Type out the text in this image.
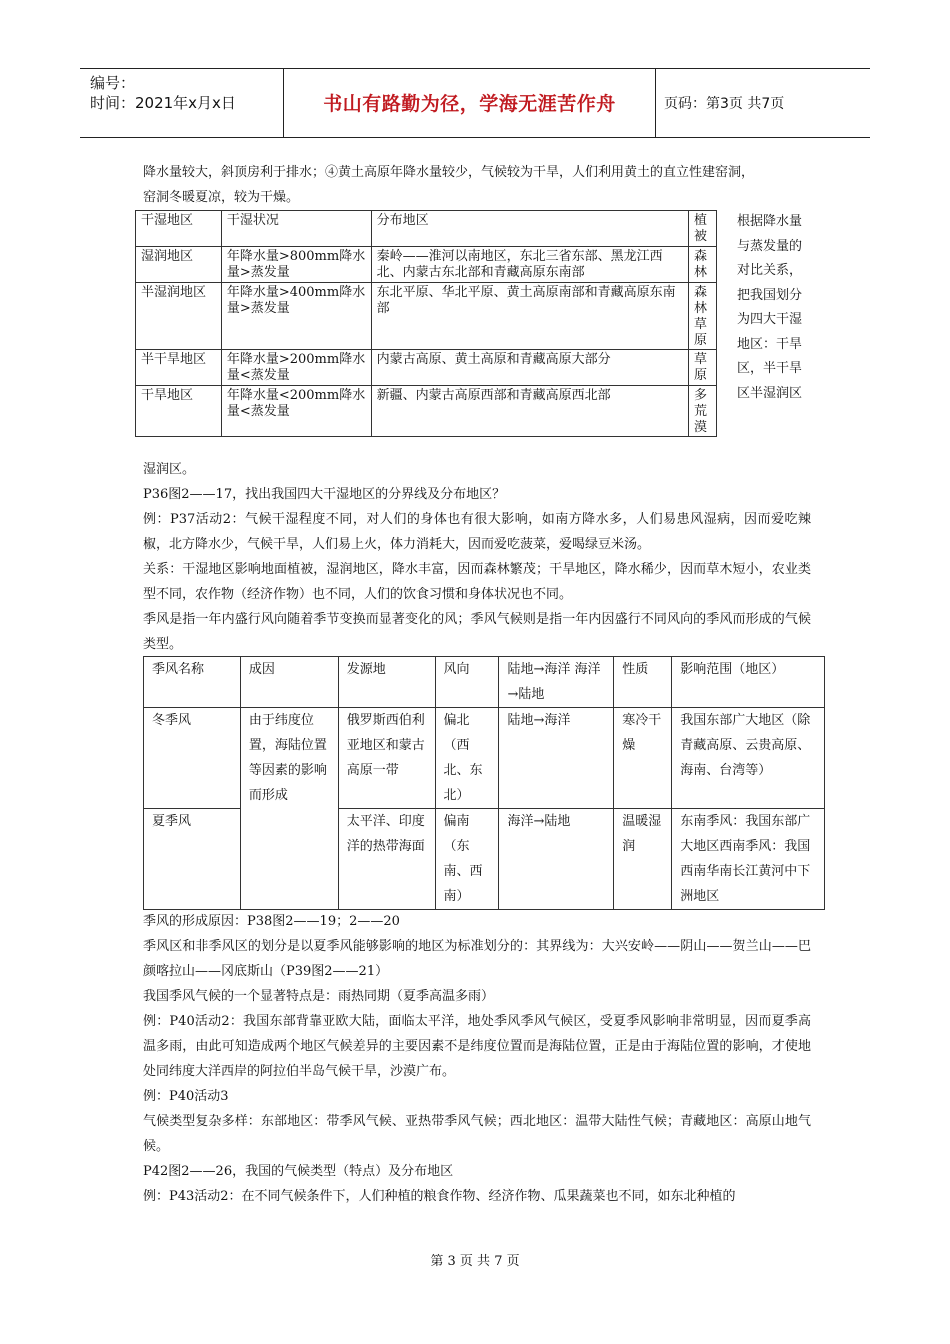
编号：
时间：2021年x月x日	书山有路勤为径，学海无涯苦作舟	页码：第3页 共7页
降水量较大，斜顶房利于排水；④黄土高原年降水量较少，气候较为干旱，人们利用黄土的直立性建窑洞，
窑洞冬暖夏凉，较为干燥。
干湿地区	干湿状况	分布地区	植被
湿润地区	年降水量>800mm降水量>蒸发量	秦岭——淮河以南地区，东北三省东部、黑龙江西北、内蒙古东北部和青藏高原东南部	森林
半湿润地区	年降水量>400mm降水量>蒸发量	东北平原、华北平原、黄土高原南部和青藏高原东南部	森林草原
半干旱地区	年降水量>200mm降水量<蒸发量	内蒙古高原、黄土高原和青藏高原大部分	草原
干旱地区	年降水量<200mm降水量<蒸发量	新疆、内蒙古高原西部和青藏高原西北部	多荒漠
根据降水量与蒸发量的对比关系，把我国划分为四大干湿地区：干旱区，半干旱区半湿润区
湿润区。
P36图2——17，找出我国四大干湿地区的分界线及分布地区？
例：P37活动2：气候干湿程度不同，对人们的身体也有很大影响，如南方降水多，人们易患风湿病，因而爱吃辣椒，北方降水少，气候干旱，人们易上火，体力消耗大，因而爱吃菠菜，爱喝绿豆米汤。
关系：干湿地区影响地面植被，湿润地区，降水丰富，因而森林繁茂；干旱地区，降水稀少，因而草木短小，农业类型不同，农作物（经济作物）也不同，人们的饮食习惯和身体状况也不同。
季风是指一年内盛行风向随着季节变换而显著变化的风；季风气候则是指一年内因盛行不同风向的季风而形成的气候类型。
季风名称	成因	发源地	风向	陆地→海洋 海洋→陆地	性质	影响范围（地区）
冬季风	由于纬度位置，海陆位置等因素的影响而形成	俄罗斯西伯利亚地区和蒙古高原一带	偏北（西北、东北）	陆地→海洋	寒冷干燥	我国东部广大地区（除青藏高原、云贵高原、海南、台湾等）
夏季风		太平洋、印度洋的热带海面	偏南（东南、西南）	海洋→陆地	温暖湿润	东南季风：我国东部广大地区西南季风：我国西南华南长江黄河中下洲地区
季风的形成原因：P38图2——19；2——20
季风区和非季风区的划分是以夏季风能够影响的地区为标准划分的：其界线为：大兴安岭——阴山——贺兰山——巴颜喀拉山——冈底斯山（P39图2——21）
我国季风气候的一个显著特点是：雨热同期（夏季高温多雨）
例：P40活动2：我国东部背靠亚欧大陆，面临太平洋，地处季风季风气候区，受夏季风影响非常明显，因而夏季高温多雨，由此可知造成两个地区气候差异的主要因素不是纬度位置而是海陆位置，正是由于海陆位置的影响，才使地处同纬度大洋西岸的阿拉伯半岛气候干旱，沙漠广布。
例：P40活动3
气候类型复杂多样：东部地区：带季风气候、亚热带季风气候；西北地区：温带大陆性气候；青藏地区：高原山地气候。
P42图2——26，我国的气候类型（特点）及分布地区
例：P43活动2：在不同气候条件下，人们种植的粮食作物、经济作物、瓜果蔬菜也不同，如东北种植的
第 3 页 共 7 页
